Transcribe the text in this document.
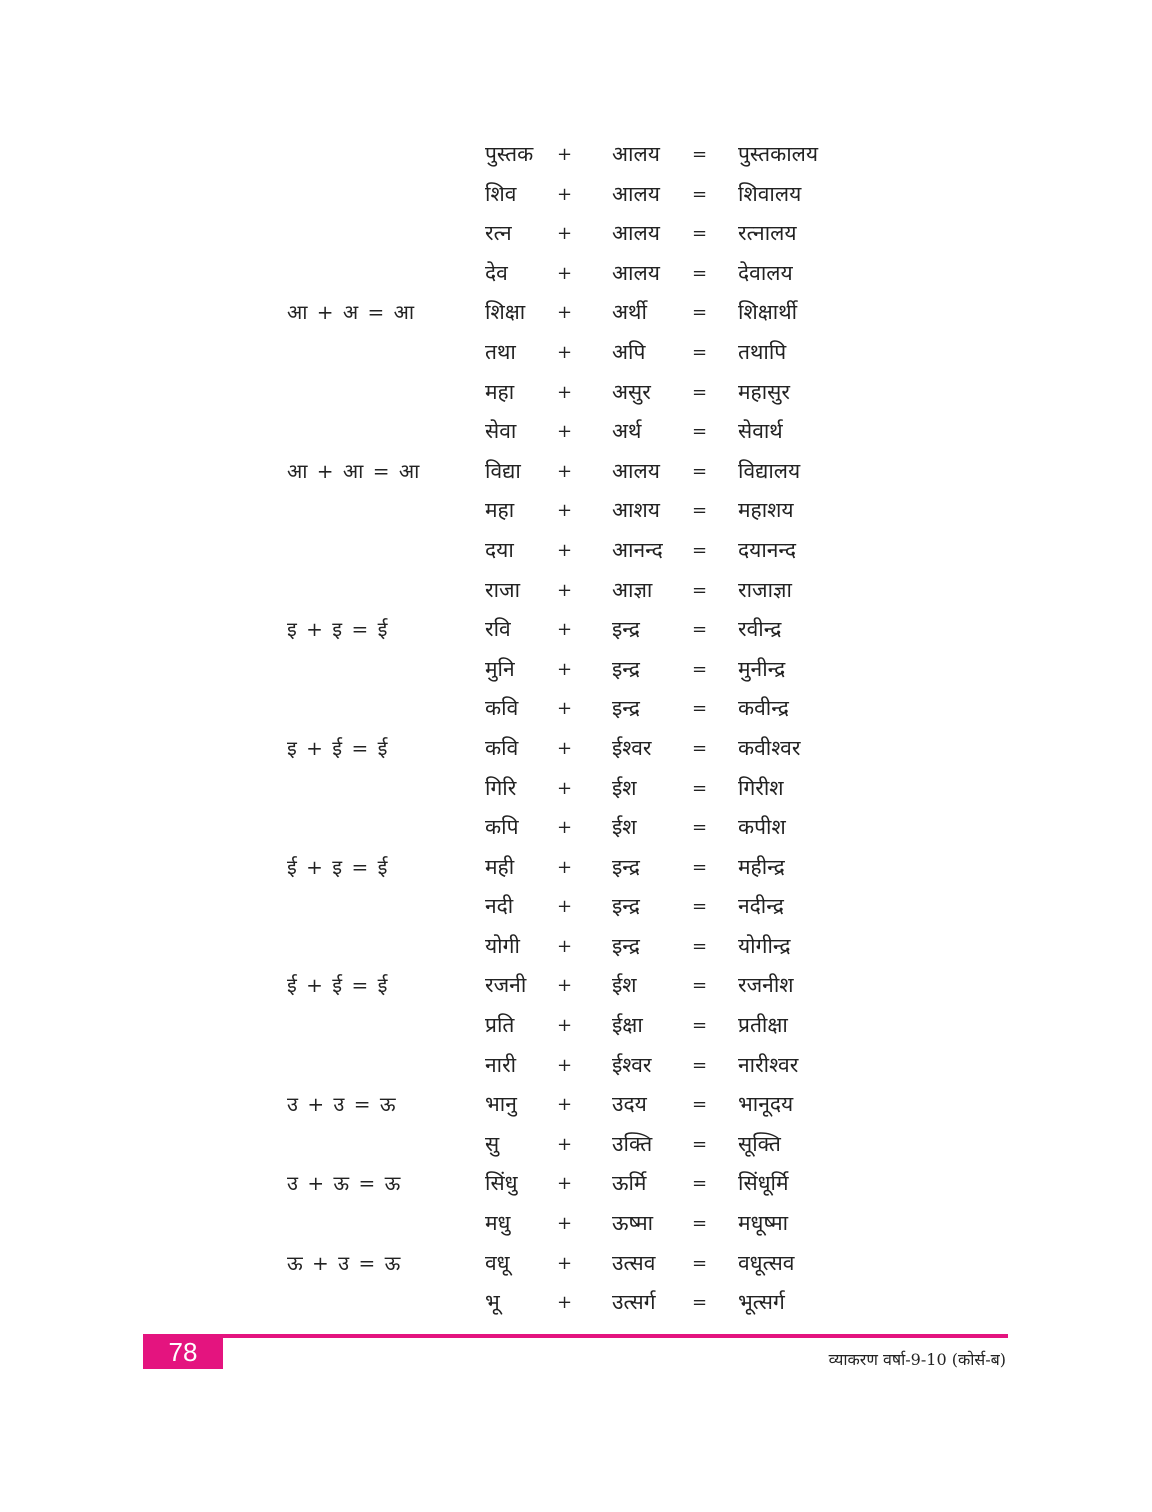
पुस्तक + आलय = पुस्तकालय
शिव + आलय = शिवालय
रत्न	+ आलय = रत्नालय
देव	+ आलय = देवालय
आ + अ = आ	शिक्षा + अर्थी	= शिक्षार्थी
तथा + अपि	= तथापि
महा + असुर = महासुर
सेवा + अर्थ	= सेवार्थ
आ + आ = आ	विद्या + आलय = विद्यालय
महा + आशय = महाशय
दया + आनन्द = दयानन्द
राजा + आज्ञा = राजाज्ञा
इ + इ = ई	रवि	+ इन्द्र	= रवीन्द्र
मुनि + इन्द्र	= मुनीन्द्र
कवि + इन्द्र	= कवीन्द्र
इ + ई = ई	कवि + ईश्वर = कवीश्वर
गिरि + ईश	= गिरीश
कपि + ईश	= कपीश
ई + इ = ई	मही + इन्द्र	= महीन्द्र
नदी + इन्द्र	= नदीन्द्र
योगी + इन्द्र	= योगीन्द्र
ई + ई = ई	रजनी + ईश	= रजनीश
प्रति + ईक्षा	= प्रतीक्षा
नारी + ईश्वर = नारीश्वर
उ + उ = ऊ	भानु + उदय	= भानूदय
सु	+ उक्ति = सूक्ति
उ + ऊ = ऊ	सिंधु + ऊर्मि	= सिंधूर्मि
मधु	+ ऊष्मा = मधूष्मा
ऊ + उ = ऊ	वधू	+ उत्सव = वधूत्सव
भू	+ उत्सर्ग = भूत्सर्ग
78	व्याकरण वर्षा-9-10 (कोर्स-ब)
